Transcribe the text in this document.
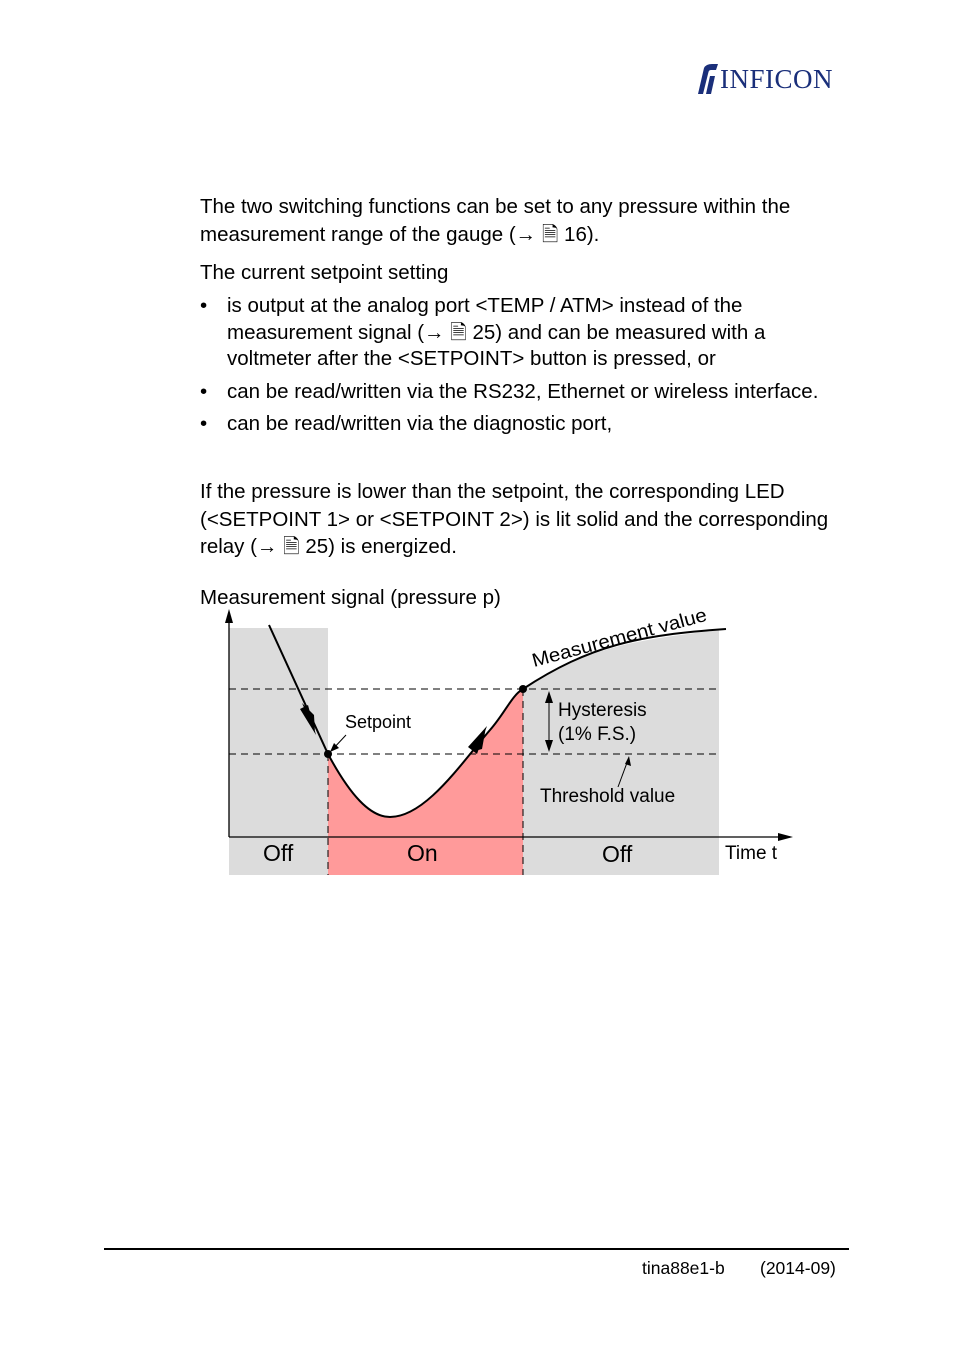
INFICON
The two switching functions can be set to any pressure within the measurement range of the gauge (→ 🗎 16).
The current setpoint setting
• is output at the analog port <TEMP / ATM> instead of the measurement signal (→ 🗎 25) and can be measured with a voltmeter after the <SETPOINT> button is pressed, or
• can be read/written via the RS232, Ethernet or wireless interface.
• can be read/written via the diagnostic port,
If the pressure is lower than the setpoint, the corresponding LED (<SETPOINT 1> or <SETPOINT 2>) is lit solid and the corresponding relay (→ 🗎 25) is energized.
Measurement signal (pressure p)
Measurement value
Setpoint
Hysteresis
(1% F.S.)
Threshold value
Off	On	Off	Time t
tina88e1-b (2014-09)
